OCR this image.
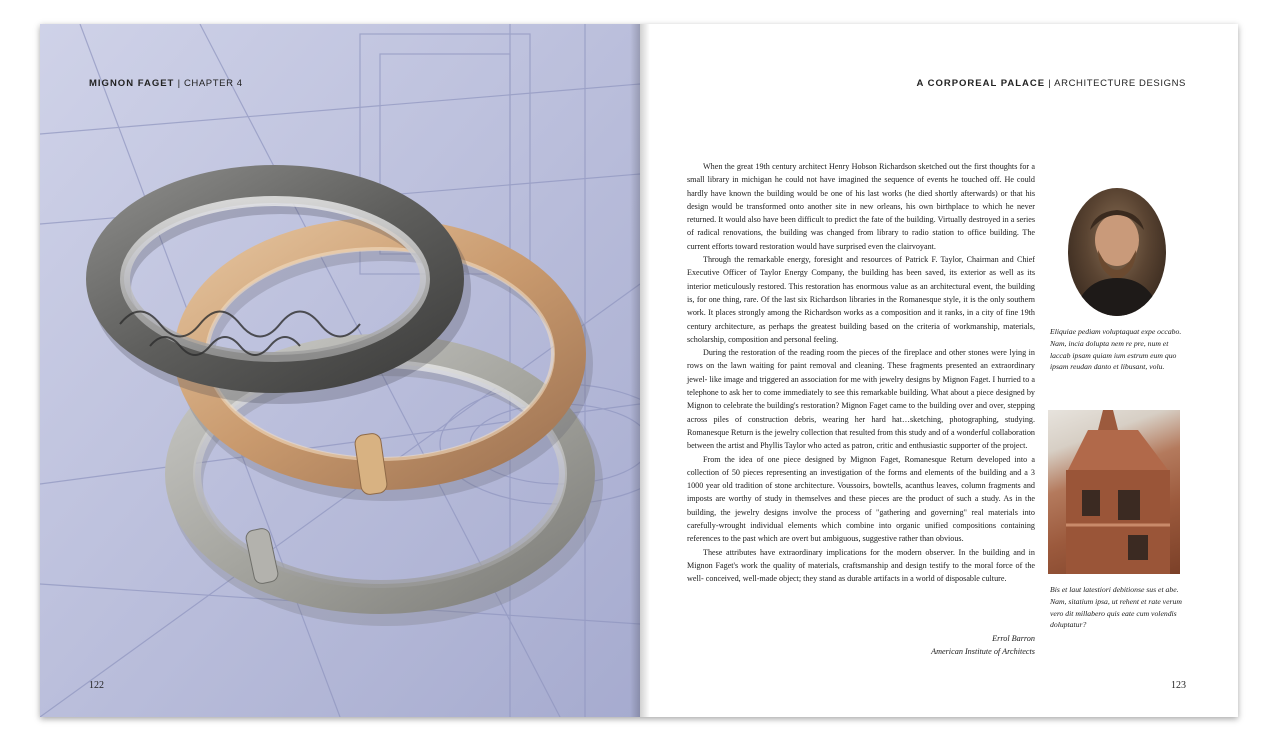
MIGNON FAGET | CHAPTER 4
122
A CORPOREAL PALACE | ARCHITECTURE DESIGNS

When the great 19th century architect Henry Hobson Richardson sketched out the first thoughts for a small library in michigan he could not have imagined the sequence of events he touched off. He could hardly have known the building would be one of his last works (he died shortly afterwards) or that his design would be transformed onto another site in new orleans, his own birthplace to which he never returned. It would also have been difficult to predict the fate of the building. Virtually destroyed in a series of radical renovations, the building was changed from library to radio station to office building. The current efforts toward restoration would have surprised even the clairvoyant.

Through the remarkable energy, foresight and resources of Patrick F. Taylor, Chairman and Chief Executive Officer of Taylor Energy Company, the building has been saved, its exterior as well as its interior meticulously restored. This restoration has enormous value as an architectural event, the building is, for one thing, rare. Of the last six Richardson libraries in the Romanesque style, it is the only southern work. It places strongly among the Richardson works as a composition and it ranks, in a city of fine 19th century architecture, as perhaps the greatest building based on the criteria of workmanship, materials, scholarship, composition and personal feeling.

During the restoration of the reading room the pieces of the fireplace and other stones were lying in rows on the lawn waiting for paint removal and cleaning. These fragments presented an extraordinary jewel- like image and triggered an association for me with jewelry designs by Mignon Faget. I hurried to a telephone to ask her to come immediately to see this remarkable building. What about a piece designed by Mignon to celebrate the building's restoration? Mignon Faget came to the building over and over, stepping across piles of construction debris, wearing her hard hat…sketching, photographing, studying. Romanesque Return is the jewelry collection that resulted from this study and of a wonderful collaboration between the artist and Phyllis Taylor who acted as patron, critic and enthusiastic supporter of the project.

From the idea of one piece designed by Mignon Faget, Romanesque Return developed into a collection of 50 pieces representing an investigation of the forms and elements of the building and a 3 1000 year old tradition of stone architecture. Voussoirs, bowtells, acanthus leaves, column fragments and imposts are worthy of study in themselves and these pieces are the product of such a study. As in the building, the jewelry designs involve the process of "gathering and governing" real materials into carefully-wrought individual elements which combine into organic unified compositions containing references to the past which are overt but ambiguous, suggestive rather than obvious.

These attributes have extraordinary implications for the modern observer. In the building and in Mignon Faget's work the quality of materials, craftsmanship and design testify to the moral force of the well- conceived, well-made object; they stand as durable artifacts in a world of disposable culture.

Errol Barron
American Institute of Architects
Eliquiae pediam voluptaquat expe occabo. Nam, incia dolupta nem re pre, num et laccab ipsam quiam ium estrum eum quo ipsam reudan danto et libusant, volu.
Bis et laut latestiori debitionse sus et abe. Nam, sitatium ipsa, ut rehent et rate verum vero dit millabero quis eate cum volendis doluptatur?
123
